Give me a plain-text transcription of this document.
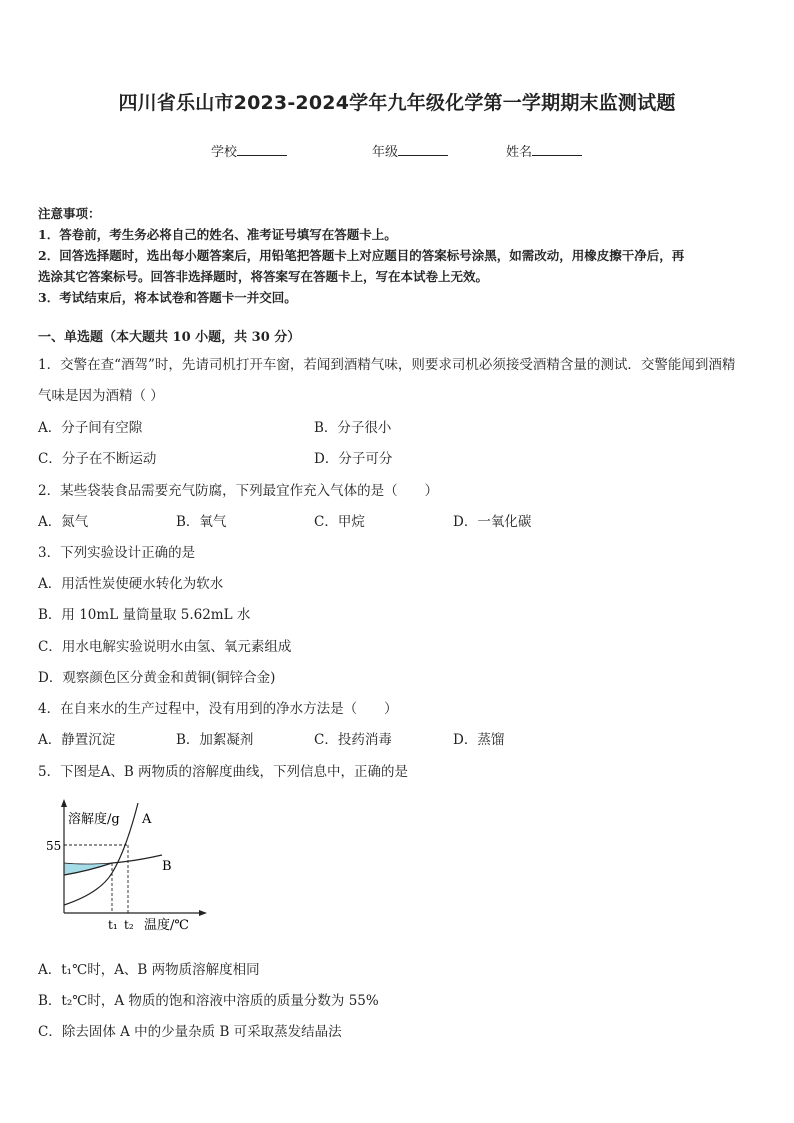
四川省乐山市2023-2024学年九年级化学第一学期期末监测试题
学校	年级	姓名
注意事项：
1．答卷前，考生务必将自己的姓名、准考证号填写在答题卡上。
2．回答选择题时，选出每小题答案后，用铅笔把答题卡上对应题目的答案标号涂黑，如需改动，用橡皮擦干净后，再
选涂其它答案标号。回答非选择题时，将答案写在答题卡上，写在本试卷上无效。
3．考试结束后，将本试卷和答题卡一并交回。
一、单选题（本大题共 10 小题，共 30 分）
1．交警在查“酒驾”时，先请司机打开车窗，若闻到酒精气味，则要求司机必须接受酒精含量的测试．交警能闻到酒精
气味是因为酒精（ ）
A．分子间有空隙	B．分子很小
C．分子在不断运动	D．分子可分
2．某些袋装食品需要充气防腐，下列最宜作充入气体的是（　　）
A．氮气	B．氧气	C．甲烷	D．一氧化碳
3．下列实验设计正确的是
A．用活性炭使硬水转化为软水
B．用 10mL 量筒量取 5.62mL 水
C．用水电解实验说明水由氢、氧元素组成
D．观察颜色区分黄金和黄铜(铜锌合金)
4．在自来水的生产过程中，没有用到的净水方法是（　　）
A．静置沉淀	B．加絮凝剂	C．投药消毒	D．蒸馏
5．下图是A、B 两物质的溶解度曲线，下列信息中，正确的是
溶解度/g A
B
55
t₁ t₂ 温度/℃
A．t₁℃时，A、B 两物质溶解度相同
B．t₂℃时，A 物质的饱和溶液中溶质的质量分数为 55%
C．除去固体 A 中的少量杂质 B 可采取蒸发结晶法
